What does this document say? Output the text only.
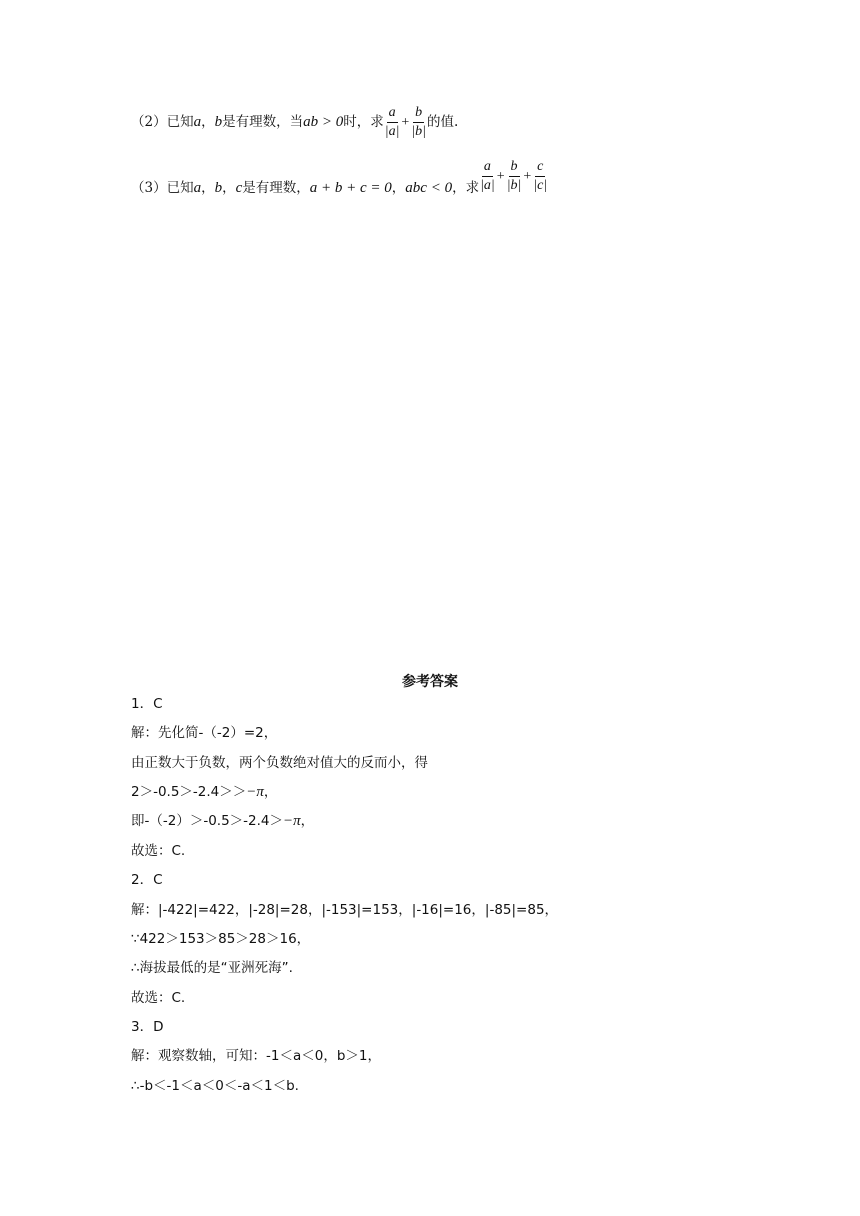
（2）已知a，b是有理数，当ab > 0时，求 $\frac{a}{|a|} + \frac{b}{|b|}$ 的值.
（3）已知a，b，c是有理数，a + b + c = 0，abc < 0，求 $\frac{a}{|a|} + \frac{b}{|b|} + \frac{c}{|c|}$
参考答案
1．C
解：先化简-（-2）=2，
由正数大于负数，两个负数绝对值大的反而小，得
2＞-0.5＞-2.4＞＞−π，
即-（-2）＞-0.5＞-2.4＞−π，
故选：C.
2．C
解：|-422|=422，|-28|=28，|-153|=153，|-16|=16，|-85|=85，
∵422＞153＞85＞28＞16，
∴海拔最低的是“亚洲死海”.
故选：C.
3．D
解：观察数轴，可知：-1＜a＜0，b＞1，
∴-b＜-1＜a＜0＜-a＜1＜b.
